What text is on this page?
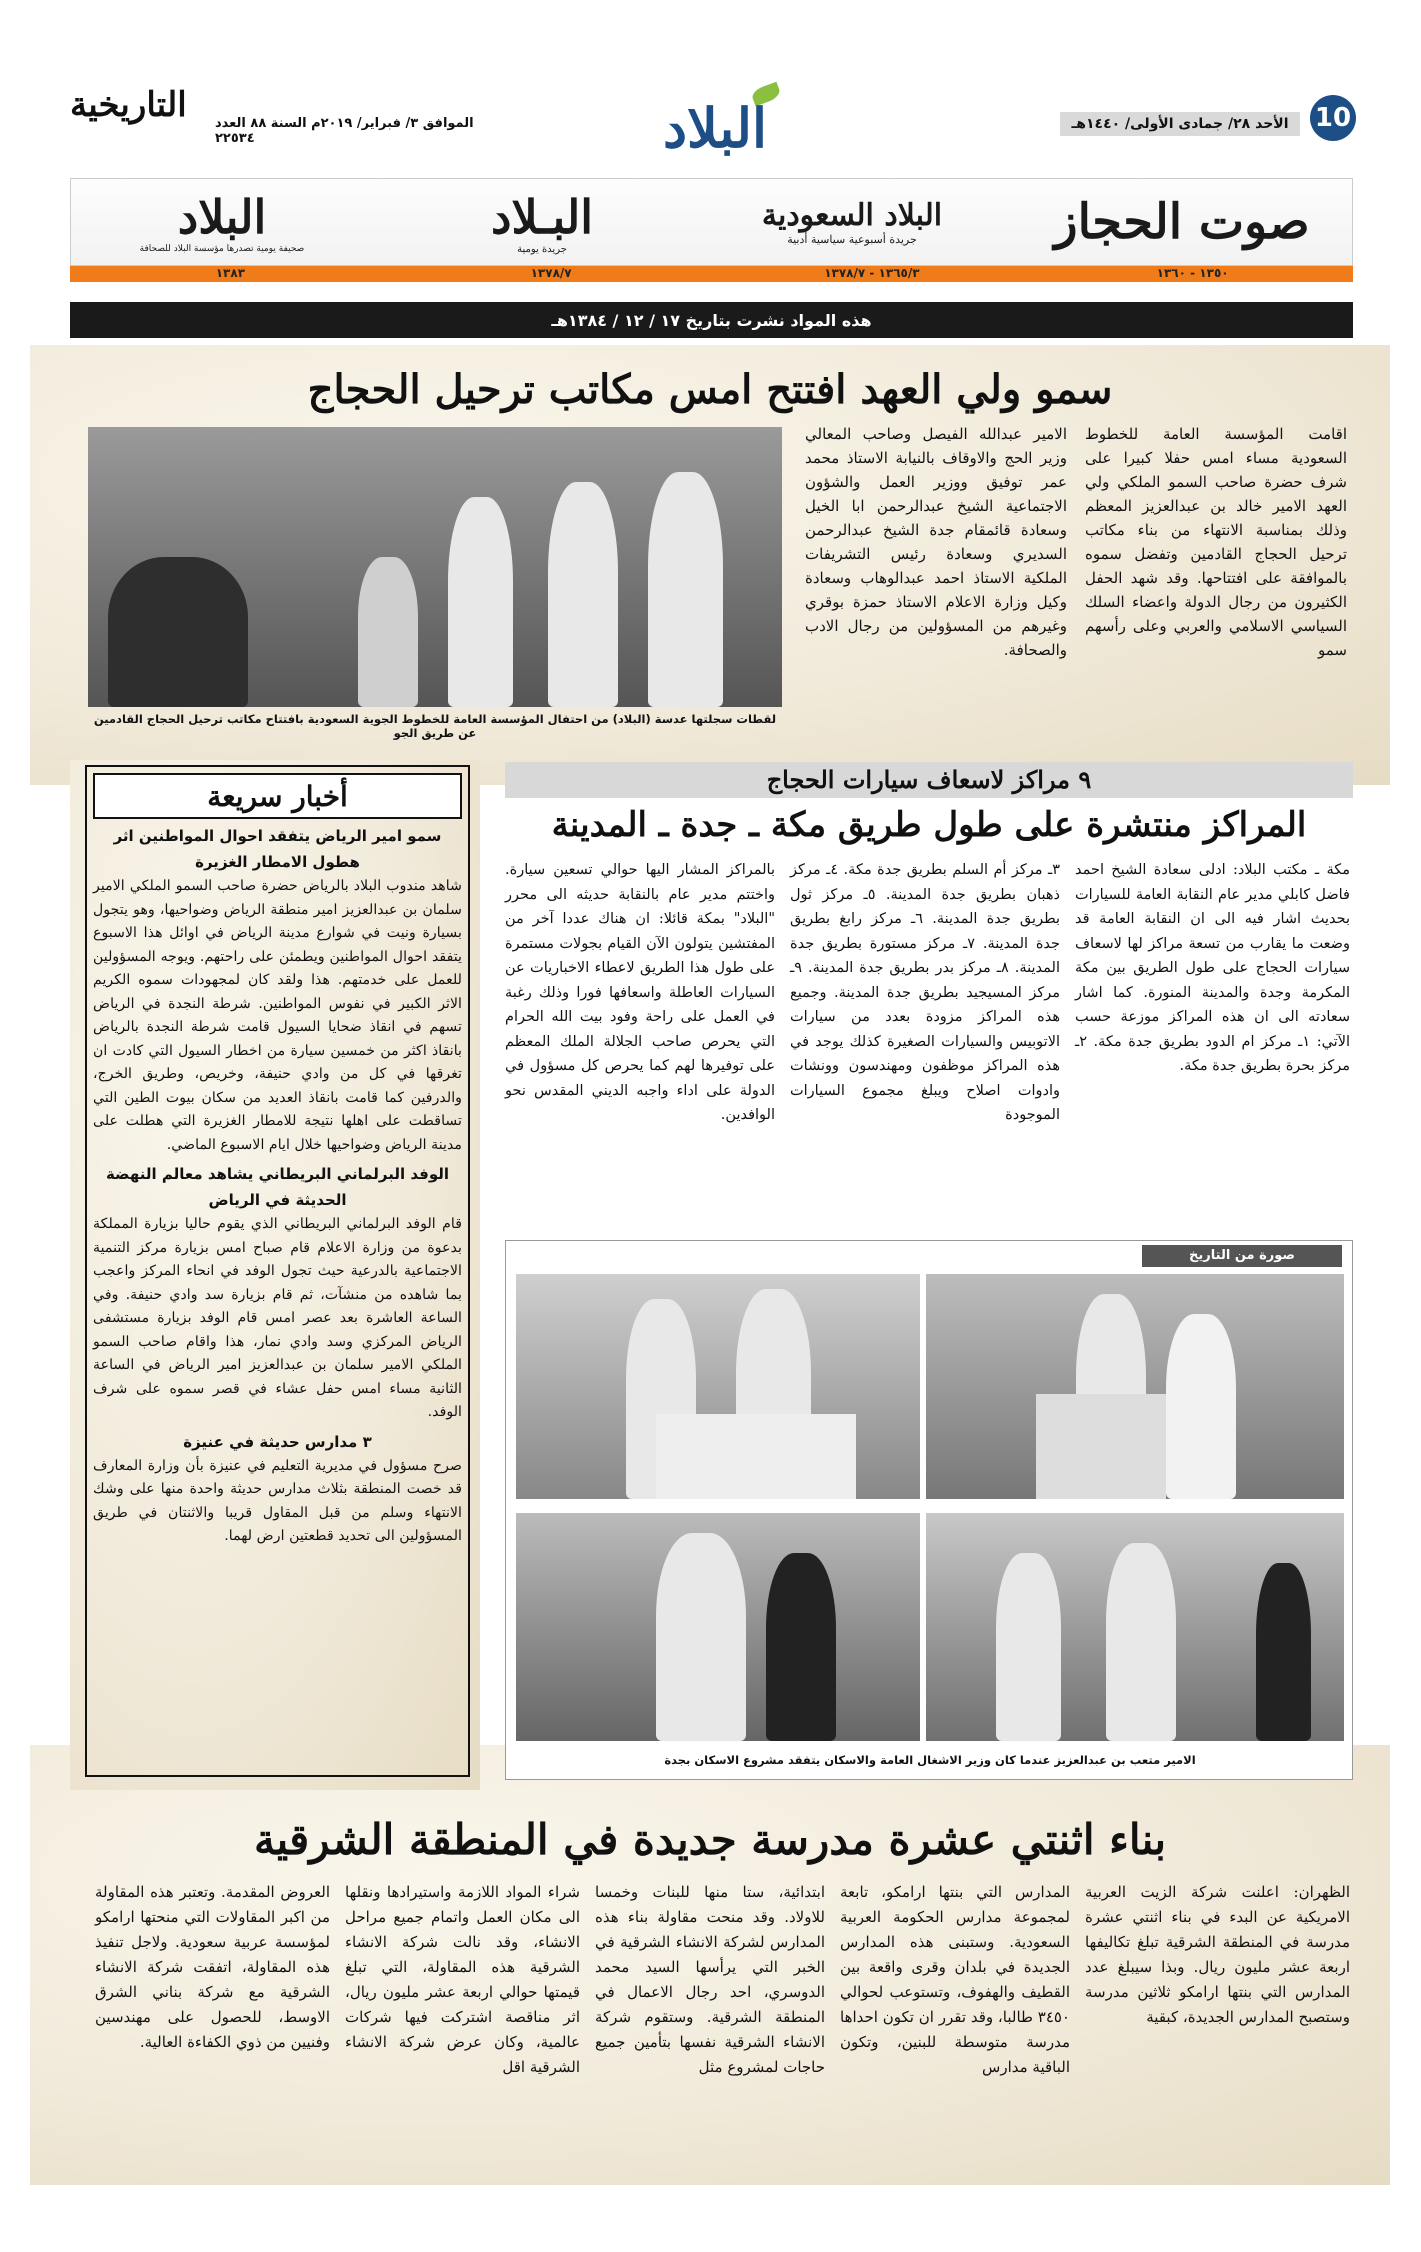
10
الأحد ٢٨/ جمادى الأولى/ ١٤٤٠هـ
البلاد
التاريخية	الموافق ٣/ فبراير/ ٢٠١٩م السنة ٨٨ العدد ٢٢٥٣٤
صوت الحجاز
البلاد السعودية
جريدة أسبوعية سياسية أدبية
البـلاد
جريدة يومية
البلاد
صحيفة يومية تصدرها مؤسسة البلاد للصحافة
١٣٨٣	١٣٧٨/٧	١٣٦٥/٣ - ١٣٧٨/٧	١٣٥٠ - ١٣٦٠
هذه المواد نشرت بتاريخ ١٧ / ١٢ / ١٣٨٤هـ
سمو ولي العهد افتتح امس مكاتب ترحيل الحجاج
اقامت المؤسسة العامة للخطوط السعودية مساء امس حفلا كبيرا على شرف حضرة صاحب السمو الملكي ولي العهد الامير خالد بن عبدالعزيز المعظم وذلك بمناسبة الانتهاء من بناء مكاتب ترحيل الحجاج القادمين وتفضل سموه بالموافقة على افتتاحها. وقد شهد الحفل الكثيرون من رجال الدولة واعضاء السلك السياسي الاسلامي والعربي وعلى رأسهم سمو
الامير عبدالله الفيصل وصاحب المعالي وزير الحج والاوقاف بالنيابة الاستاذ محمد عمر توفيق ووزير العمل والشؤون الاجتماعية الشيخ عبدالرحمن ابا الخيل وسعادة قائمقام جدة الشيخ عبدالرحمن السديري وسعادة رئيس التشريفات الملكية الاستاذ احمد عبدالوهاب وسعادة وكيل وزارة الاعلام الاستاذ حمزة بوقري وغيرهم من المسؤولين من رجال الادب والصحافة.
لقطات سجلتها عدسة (البلاد) من احتفال المؤسسة العامة للخطوط الجوية السعودية بافتتاح مكاتب ترحيل الحجاج القادمين عن طريق الجو
أخبار سريعة
سمو امير الرياض يتفقد احوال المواطنين اثر هطول الامطار الغزيرة
شاهد مندوب البلاد بالرياض حضرة صاحب السمو الملكي الامير سلمان بن عبدالعزيز امير منطقة الرياض وضواحيها، وهو يتجول بسيارة ونيت في شوارع مدينة الرياض في اوائل هذا الاسبوع يتفقد احوال المواطنين ويطمئن على راحتهم. ويوجه المسؤولين للعمل على خدمتهم. هذا ولقد كان لمجهودات سموه الكريم الاثر الكبير في نفوس المواطنين. شرطة النجدة في الرياض تسهم في انقاذ ضحايا السيول قامت شرطة النجدة بالرياض بانقاذ اكثر من خمسين سيارة من اخطار السيول التي كادت ان تغرقها في كل من وادي حنيفة، وخريص، وطريق الخرج، والدرفين كما قامت بانقاذ العديد من سكان بيوت الطين التي تساقطت على اهلها نتيجة للامطار الغزيرة التي هطلت على مدينة الرياض وضواحيها خلال ايام الاسبوع الماضي.
الوفد البرلماني البريطاني يشاهد معالم النهضة الحديثة في الرياض
قام الوفد البرلماني البريطاني الذي يقوم حاليا بزيارة المملكة بدعوة من وزارة الاعلام قام صباح امس بزيارة مركز التنمية الاجتماعية بالدرعية حيث تجول الوفد في انحاء المركز واعجب بما شاهده من منشآت، ثم قام بزيارة سد وادي حنيفة. وفي الساعة العاشرة بعد عصر امس قام الوفد بزيارة مستشفى الرياض المركزي وسد وادي نمار، هذا واقام صاحب السمو الملكي الامير سلمان بن عبدالعزيز امير الرياض في الساعة الثانية مساء امس حفل عشاء في قصر سموه على شرف الوفد.
٣ مدارس حديثة في عنيزة
صرح مسؤول في مديرية التعليم في عنيزة بأن وزارة المعارف قد خصت المنطقة بثلاث مدارس حديثة واحدة منها على وشك الانتهاء وسلم من قبل المقاول قريبا والاثنتان في طريق المسؤولين الى تحديد قطعتين ارض لهما.
٩ مراكز لاسعاف سيارات الحجاج
المراكز منتشرة على طول طريق مكة ـ جدة ـ المدينة
مكة ـ مكتب البلاد: ادلى سعادة الشيخ احمد فاضل كابلي مدير عام النقابة العامة للسيارات بحديث اشار فيه الى ان النقابة العامة قد وضعت ما يقارب من تسعة مراكز لها لاسعاف سيارات الحجاج على طول الطريق بين مكة المكرمة وجدة والمدينة المنورة. كما اشار سعادته الى ان هذه المراكز موزعة حسب الآتي: ١ـ مركز ام الدود بطريق جدة مكة. ٢ـ مركز بحرة بطريق جدة مكة.
٣ـ مركز أم السلم بطريق جدة مكة. ٤ـ مركز ذهبان بطريق جدة المدينة. ٥ـ مركز ثول بطريق جدة المدينة. ٦ـ مركز رابغ بطريق جدة المدينة. ٧ـ مركز مستورة بطريق جدة المدينة. ٨ـ مركز بدر بطريق جدة المدينة. ٩ـ مركز المسيجيد بطريق جدة المدينة. وجميع هذه المراكز مزودة بعدد من سيارات الاتوبيس والسيارات الصغيرة كذلك يوجد في هذه المراكز موظفون ومهندسون وونشات وادوات اصلاح ويبلغ مجموع السيارات الموجودة
بالمراكز المشار اليها حوالي تسعين سيارة. واختتم مدير عام بالنقابة حديثه الى محرر "البلاد" بمكة قائلا: ان هناك عددا آخر من المفتشين يتولون الآن القيام بجولات مستمرة على طول هذا الطريق لاعطاء الاخباريات عن السيارات العاطلة واسعافها فورا وذلك رغبة في العمل على راحة وفود بيت الله الحرام التي يحرص صاحب الجلالة الملك المعظم على توفيرها لهم كما يحرص كل مسؤول في الدولة على اداء واجبه الديني المقدس نحو الوافدين.
صورة من التاريخ
الامير متعب بن عبدالعزيز عندما كان وزير الاشغال العامة والاسكان يتفقد مشروع الاسكان بجدة
بناء اثنتي عشرة مدرسة جديدة في المنطقة الشرقية
الظهران: اعلنت شركة الزيت العربية الامريكية عن البدء في بناء اثنتي عشرة مدرسة في المنطقة الشرقية تبلغ تكاليفها اربعة عشر مليون ريال. وبذا سيبلغ عدد المدارس التي بنتها ارامكو ثلاثين مدرسة وستصبح المدارس الجديدة، كبقية
المدارس التي بنتها ارامكو، تابعة لمجموعة مدارس الحكومة العربية السعودية. وستبنى هذه المدارس الجديدة في بلدان وقرى واقعة بين القطيف والهفوف، وتستوعب لحوالي ٣٤٥٠ طالبا، وقد تقرر ان تكون احداها مدرسة متوسطة للبنين، وتكون الباقية مدارس
ابتدائية، ستا منها للبنات وخمسا للاولاد. وقد منحت مقاولة بناء هذه المدارس لشركة الانشاء الشرقية في الخبر التي يرأسها السيد محمد الدوسري، احد رجال الاعمال في المنطقة الشرقية. وستقوم شركة الانشاء الشرقية نفسها بتأمين جميع حاجات لمشروع مثل
شراء المواد اللازمة واستيرادها ونقلها الى مكان العمل واتمام جميع مراحل الانشاء، وقد نالت شركة الانشاء الشرقية هذه المقاولة، التي تبلغ قيمتها حوالي اربعة عشر مليون ريال، اثر مناقصة اشتركت فيها شركات عالمية، وكان عرض شركة الانشاء الشرقية اقل
العروض المقدمة. وتعتبر هذه المقاولة من اكبر المقاولات التي منحتها ارامكو لمؤسسة عربية سعودية. ولاجل تنفيذ هذه المقاولة، اتفقت شركة الانشاء الشرقية مع شركة بناني الشرق الاوسط، للحصول على مهندسين وفنيين من ذوي الكفاءة العالية.
